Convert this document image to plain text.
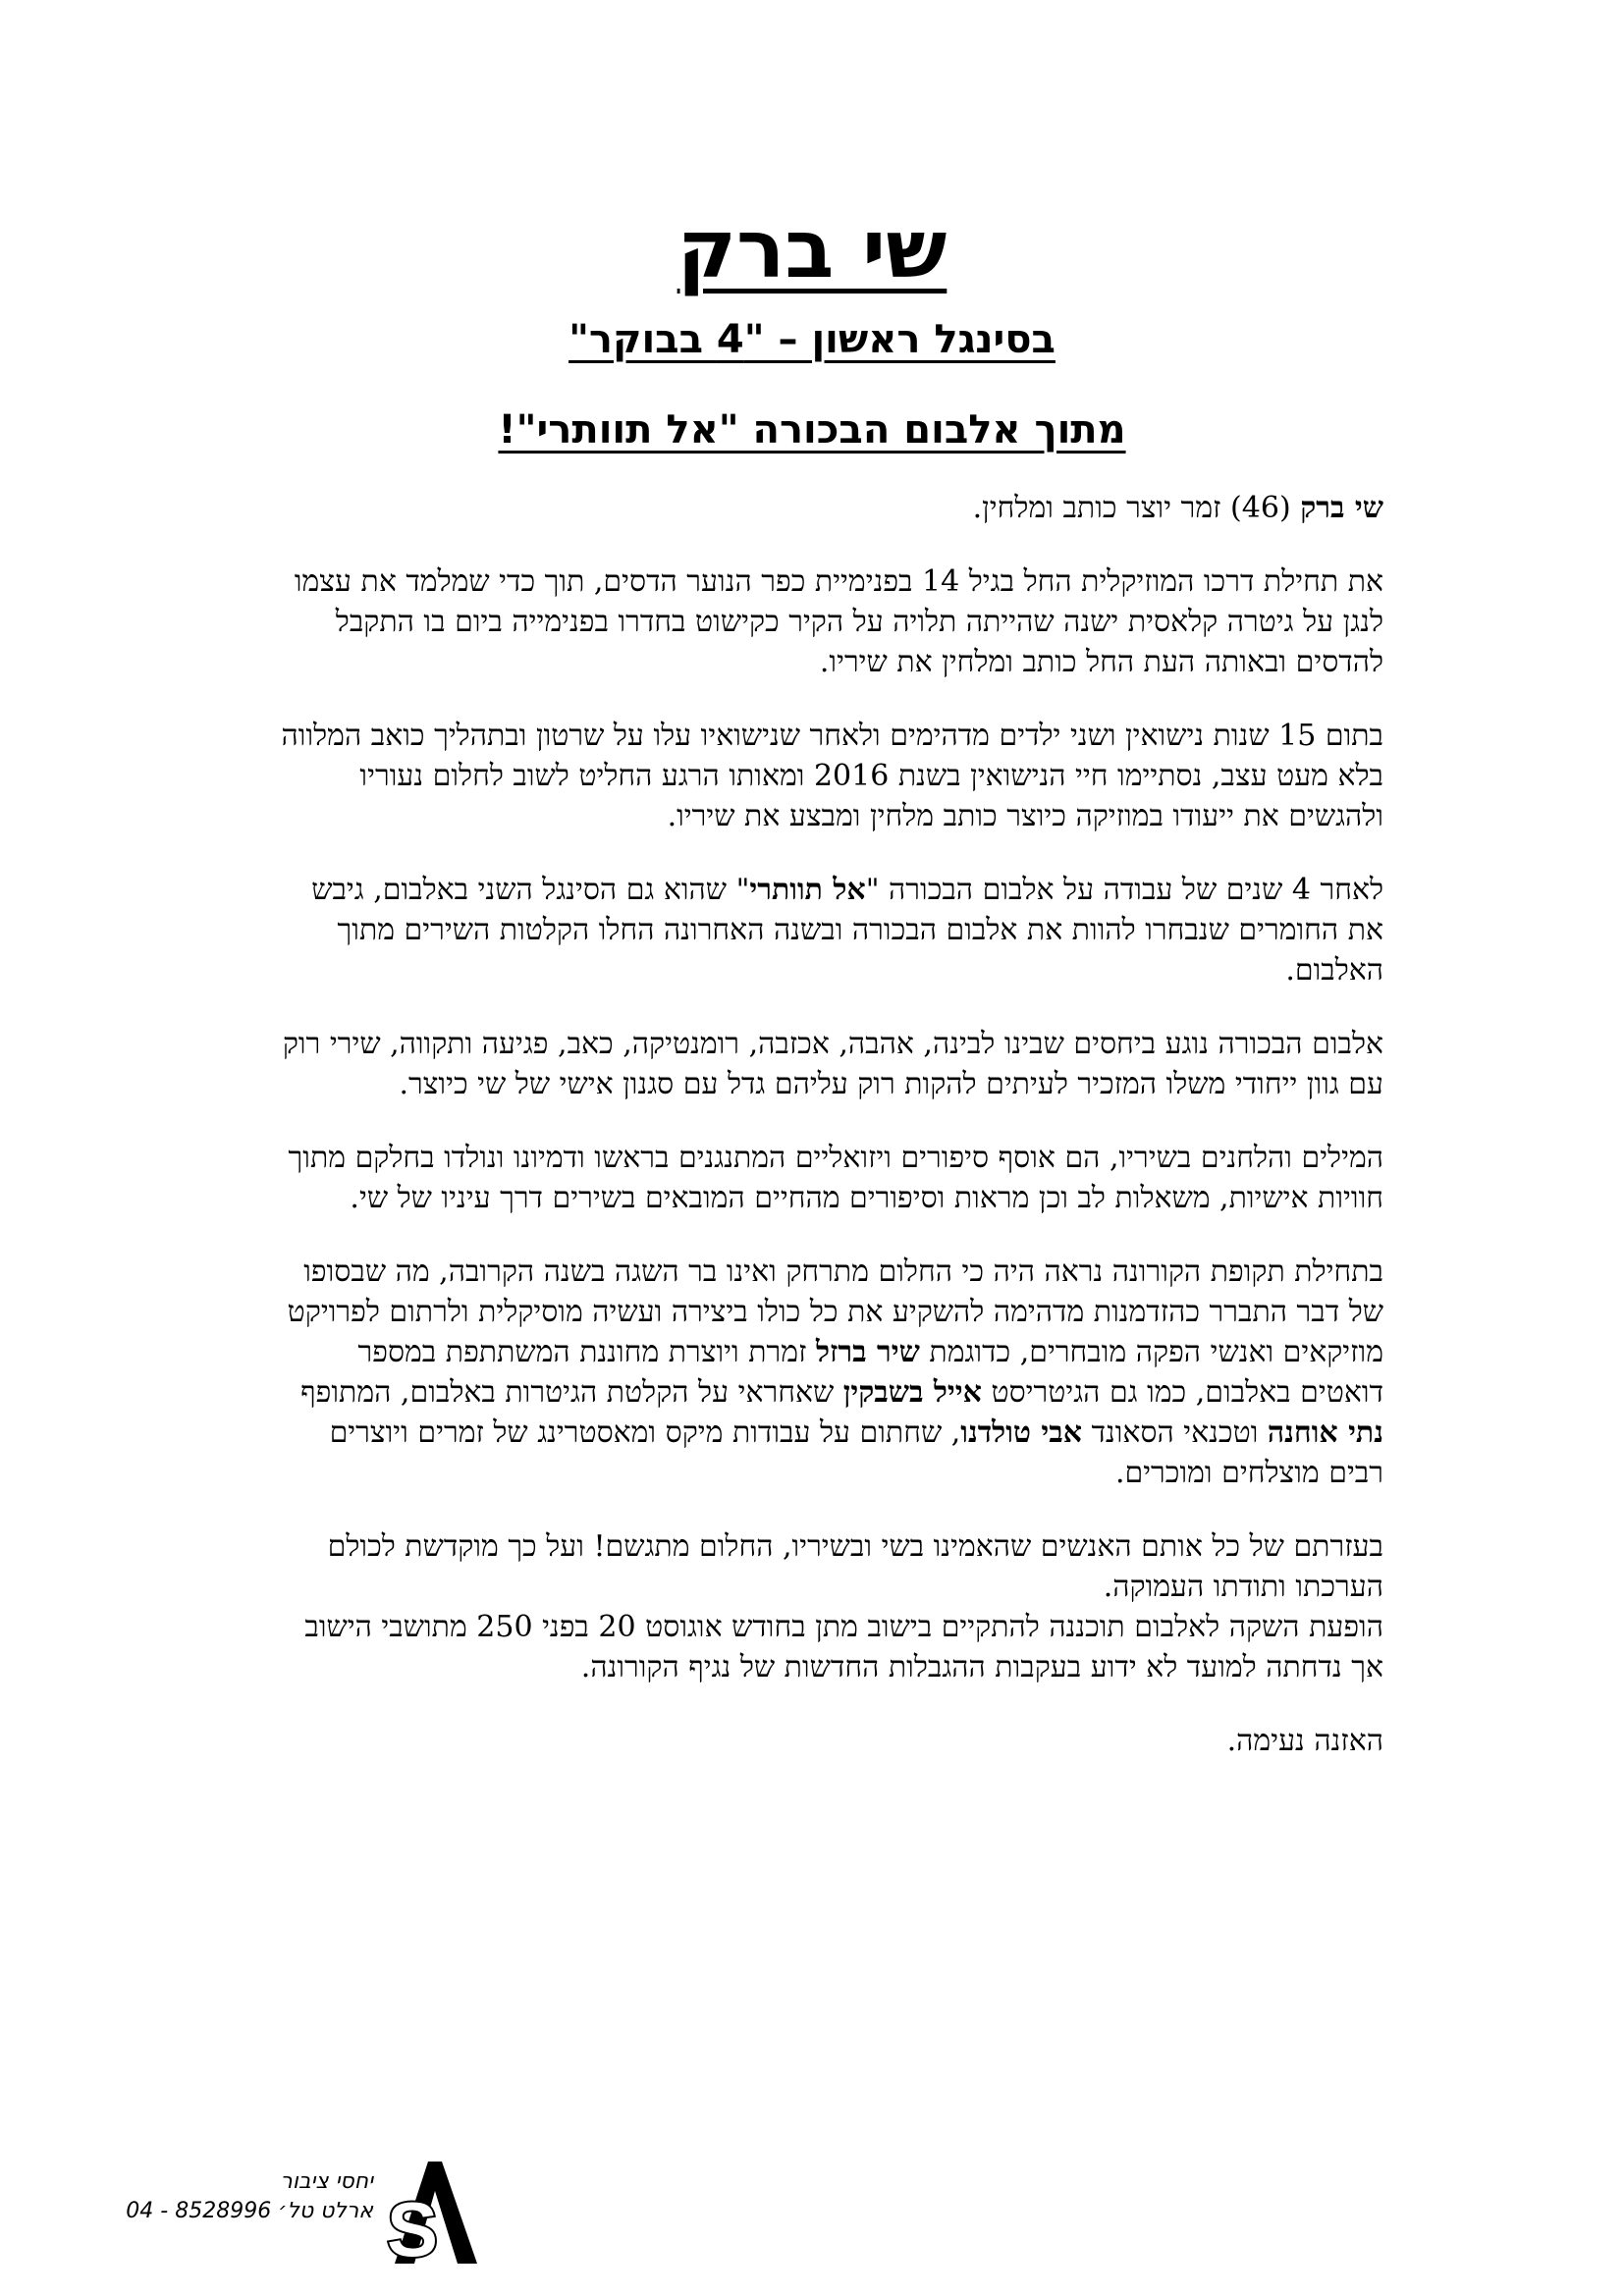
שי ברק
בסינגל ראשון – "4 בבוקר"
מתוך אלבום הבכורה "אל תוותרי"!

שי ברק (46) זמר יוצר כותב ומלחין.

את תחילת דרכו המוזיקלית החל בגיל 14 בפנימיית כפר הנוער הדסים, תוך כדי שמלמד את עצמו לנגן על גיטרה קלאסית ישנה שהייתה תלויה על הקיר כקישוט בחדרו בפנימייה ביום בו התקבל להדסים ובאותה העת החל כותב ומלחין את שיריו.

בתום 15 שנות נישואין ושני ילדים מדהימים ולאחר שנישואיו עלו על שרטון ובתהליך כואב המלווה בלא מעט עצב, נסתיימו חיי הנישואין בשנת 2016 ומאותו הרגע החליט לשוב לחלום נעוריו ולהגשים את ייעודו במוזיקה כיוצר כותב מלחין ומבצע את שיריו.

לאחר 4 שנים של עבודה על אלבום הבכורה "אל תוותרי" שהוא גם הסינגל השני באלבום, גיבש את החומרים שנבחרו להוות את אלבום הבכורה ובשנה האחרונה החלו הקלטות השירים מתוך האלבום.

אלבום הבכורה נוגע ביחסים שבינו לבינה, אהבה, אכזבה, רומנטיקה, כאב, פגיעה ותקווה, שירי רוק עם גוון ייחודי משלו המזכיר לעיתים להקות רוק עליהם גדל עם סגנון אישי של שי כיוצר.

המילים והלחנים בשיריו, הם אוסף סיפורים ויזואליים המתנגנים בראשו ודמיונו ונולדו בחלקם מתוך חוויות אישיות, משאלות לב וכן מראות וסיפורים מהחיים המובאים בשירים דרך עיניו של שי.

בתחילת תקופת הקורונה נראה היה כי החלום מתרחק ואינו בר השגה בשנה הקרובה, מה שבסופו של דבר התברר כהזדמנות מדהימה להשקיע את כל כולו ביצירה ועשיה מוסיקלית ולרתום לפרויקט מוזיקאים ואנשי הפקה מובחרים, כדוגמת שיר ברזל זמרת ויוצרת מחוננת המשתתפת במספר דואטים באלבום, כמו גם הגיטריסט אייל בשבקין שאחראי על הקלטת הגיטרות באלבום, המתופף נתי אוחנה וטכנאי הסאונד אבי טולדנו, שחתום על עבודות מיקס ומאסטרינג של זמרים ויוצרים רבים מוצלחים ומוכרים.

בעזרתם של כל אותם האנשים שהאמינו בשי ובשיריו, החלום מתגשם! ועל כך מוקדשת לכולם הערכתו ותודתו העמוקה.

הופעת השקה לאלבום תוכננה להתקיים בישוב מתן בחודש אוגוסט 20 בפני 250 מתושבי הישוב אך נדחתה למועד לא ידוע בעקבות ההגבלות החדשות של נגיף הקורונה.

האזנה נעימה.

יחסי ציבור
ארלט טל׳ 8528996 - 04 S
